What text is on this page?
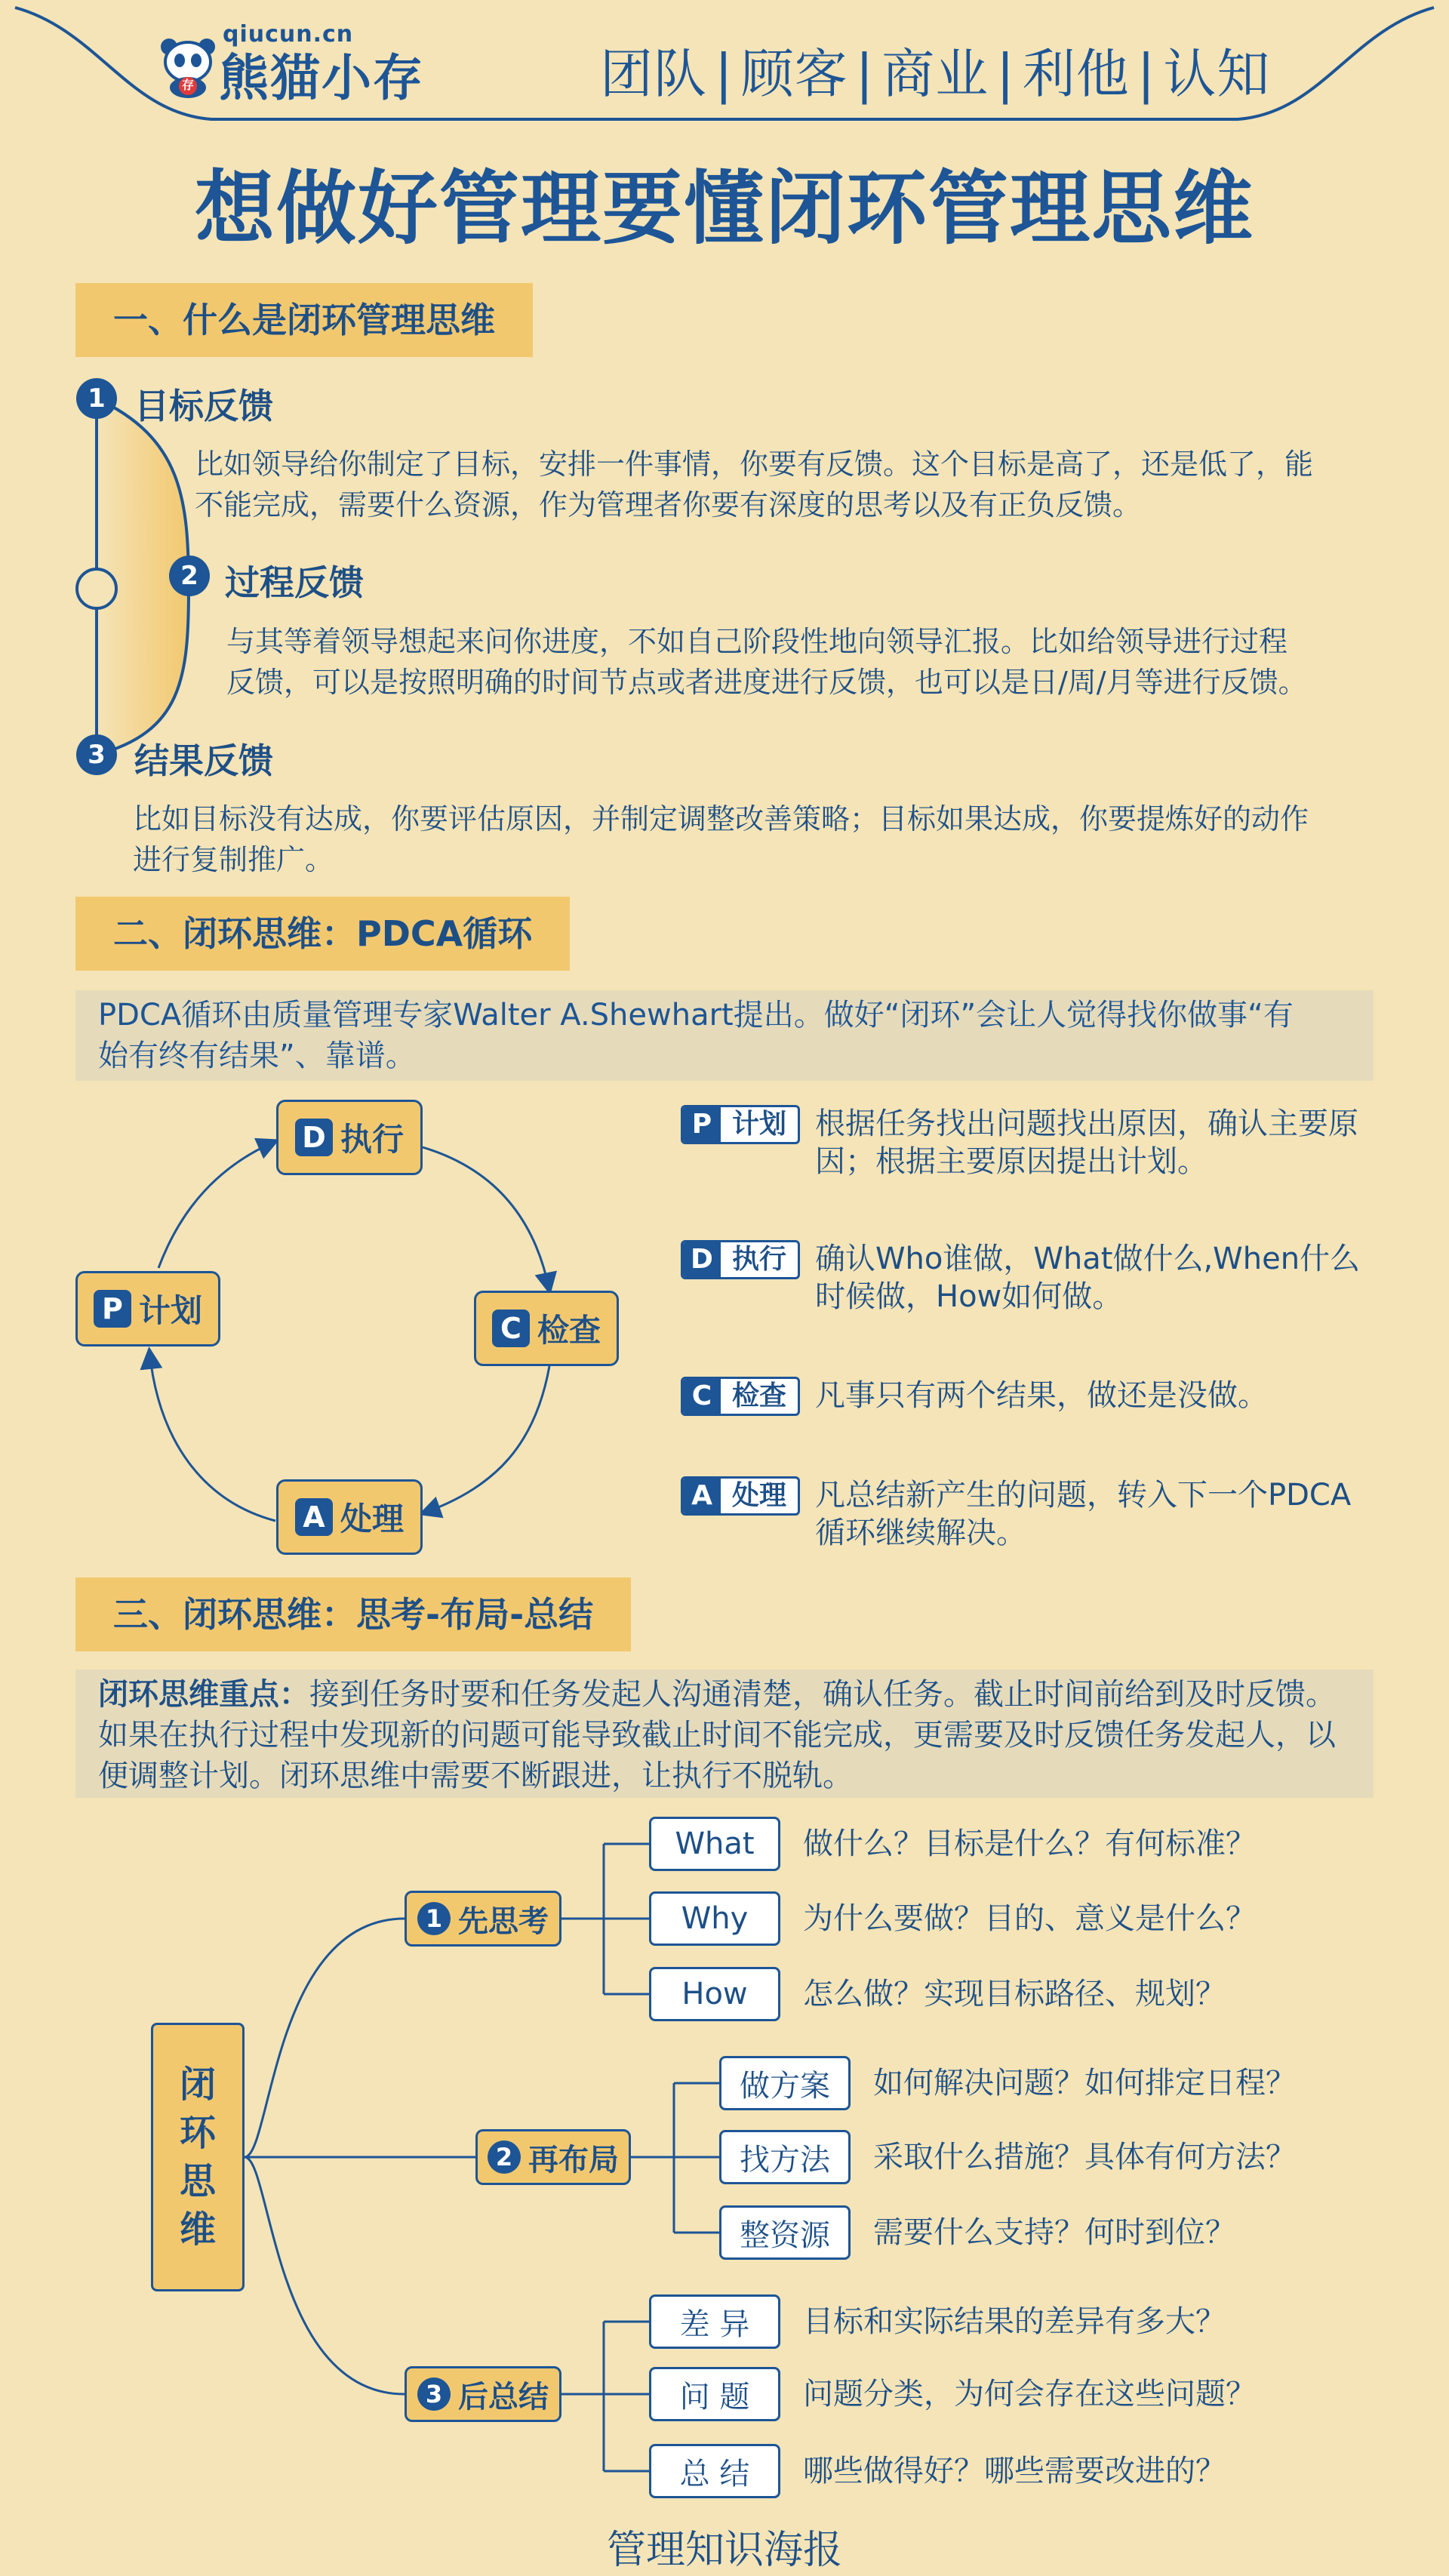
存
qiucun.cn
熊猫小存	团队 | 顾客 | 商业 | 利他 | 认知
想做好管理要懂闭环管理思维
一、什么是闭环管理思维
1 目标反馈
比如领导给你制定了目标，安排一件事情，你要有反馈。这个目标是高了，还是低了，能
不能完成，需要什么资源，作为管理者你要有深度的思考以及有正负反馈。
2 过程反馈
与其等着领导想起来问你进度，不如自己阶段性地向领导汇报。比如给领导进行过程
反馈，可以是按照明确的时间节点或者进度进行反馈，也可以是日/周/月等进行反馈。
3 结果反馈
比如目标没有达成，你要评估原因，并制定调整改善策略；目标如果达成，你要提炼好的动作
进行复制推广。
二、闭环思维：PDCA循环
PDCA循环由质量管理专家Walter A.Shewhart提出。做好“闭环”会让人觉得找你做事“有
始有终有结果”、靠谱。
D 执行
C 检查
A 处理
P 计划
P 计划 根据任务找出问题找出原因，确认主要原
因；根据主要原因提出计划。
D 执行 确认Who谁做，What做什么,When什么
时候做，How如何做。
C 检查 凡事只有两个结果，做还是没做。
A 处理 凡总结新产生的问题，转入下一个PDCA
循环继续解决。
三、闭环思维：思考-布局-总结
闭环思维重点：接到任务时要和任务发起人沟通清楚，确认任务。截止时间前给到及时反馈。
如果在执行过程中发现新的问题可能导致截止时间不能完成，更需要及时反馈任务发起人，以
便调整计划。闭环思维中需要不断跟进，让执行不脱轨。
闭
环
思
维
1 先思考
What	做什么？目标是什么？有何标准？
Why	为什么要做？目的、意义是什么？
How	怎么做？实现目标路径、规划？
2 再布局
做方案	如何解决问题？如何排定日程？
找方法	采取什么措施？具体有何方法？
整资源	需要什么支持？何时到位？
3 后总结
差 异	目标和实际结果的差异有多大？
问 题	问题分类，为何会存在这些问题？
总 结	哪些做得好？哪些需要改进的？
管理知识海报
